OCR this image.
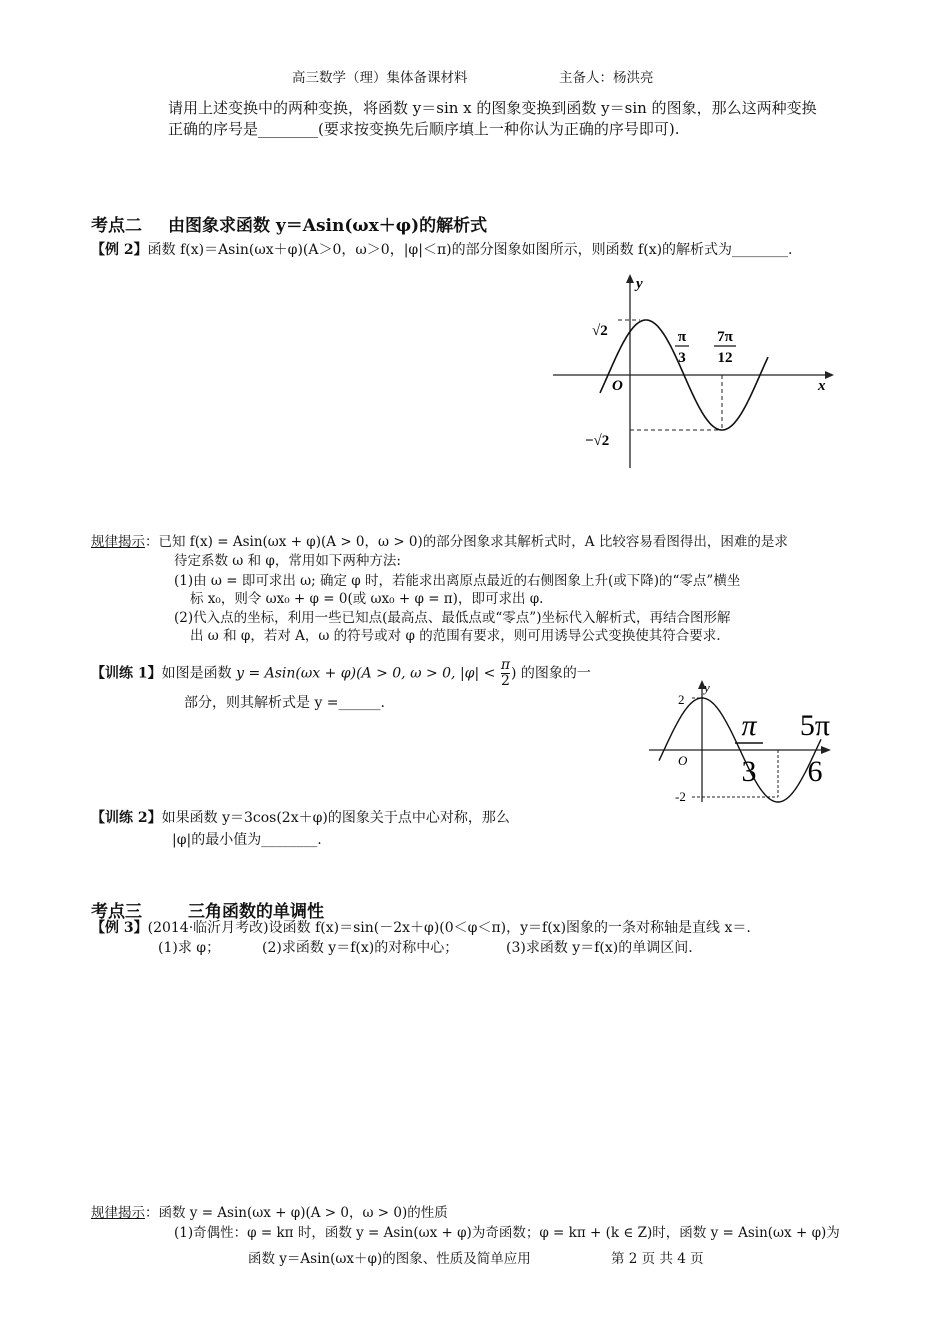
高三数学（理）集体备课材料	主备人：杨洪亮
请用上述变换中的两种变换，将函数 y＝sin x 的图象变换到函数 y＝sin 的图象，那么这两种变换
正确的序号是________(要求按变换先后顺序填上一种你认为正确的序号即可).
考点二 由图象求函数 y＝Asin(ωx＋φ)的解析式
【例 2】函数 f(x)＝Asin(ωx＋φ)(A＞0，ω＞0，|φ|＜π)的部分图象如图所示，则函数 f(x)的解析式为________.
y
x
O
√2
−√2
π
3
7π
12
规律揭示：已知 f(x) = Asin(ωx + φ)(A > 0，ω > 0)的部分图象求其解析式时，A 比较容易看图得出，困难的是求
待定系数 ω 和 φ，常用如下两种方法:
(1)由 ω = 即可求出 ω; 确定 φ 时，若能求出离原点最近的右侧图象上升(或下降)的“零点”横坐
标 x₀，则令 ωx₀ + φ = 0(或 ωx₀ + φ = π)，即可求出 φ.
(2)代入点的坐标，利用一些已知点(最高点、最低点或“零点”)坐标代入解析式，再结合图形解
出 ω 和 φ，若对 A，ω 的符号或对 φ 的范围有要求，则可用诱导公式变换使其符合要求.
【训练 1】如图是函数 y = Asin(ωx + φ)(A > 0, ω > 0, $|\varphi| < \frac{\pi}{2}$ ) 的图象的一
部分，则其解析式是 y =______.
y
O
2
-2
π
3
5π
6
【训练 2】如果函数 y＝3cos(2x＋φ)的图象关于点中心对称，那么
|φ|的最小值为________.
考点三	三角函数的单调性
【例 3】(2014·临沂月考改)设函数 f(x)＝sin(－2x＋φ)(0＜φ＜π)，y＝f(x)图象的一条对称轴是直线 x＝.
(1)求 φ；	(2)求函数 y＝f(x)的对称中心；	(3)求函数 y＝f(x)的单调区间.
规律揭示：函数 y = Asin(ωx + φ)(A > 0，ω > 0)的性质
(1)奇偶性：φ = kπ 时，函数 y = Asin(ωx + φ)为奇函数；φ = kπ + (k ∈ Z)时，函数 y = Asin(ωx + φ)为
函数 y＝Asin(ωx＋φ)的图象、性质及简单应用	第 2 页 共 4 页
